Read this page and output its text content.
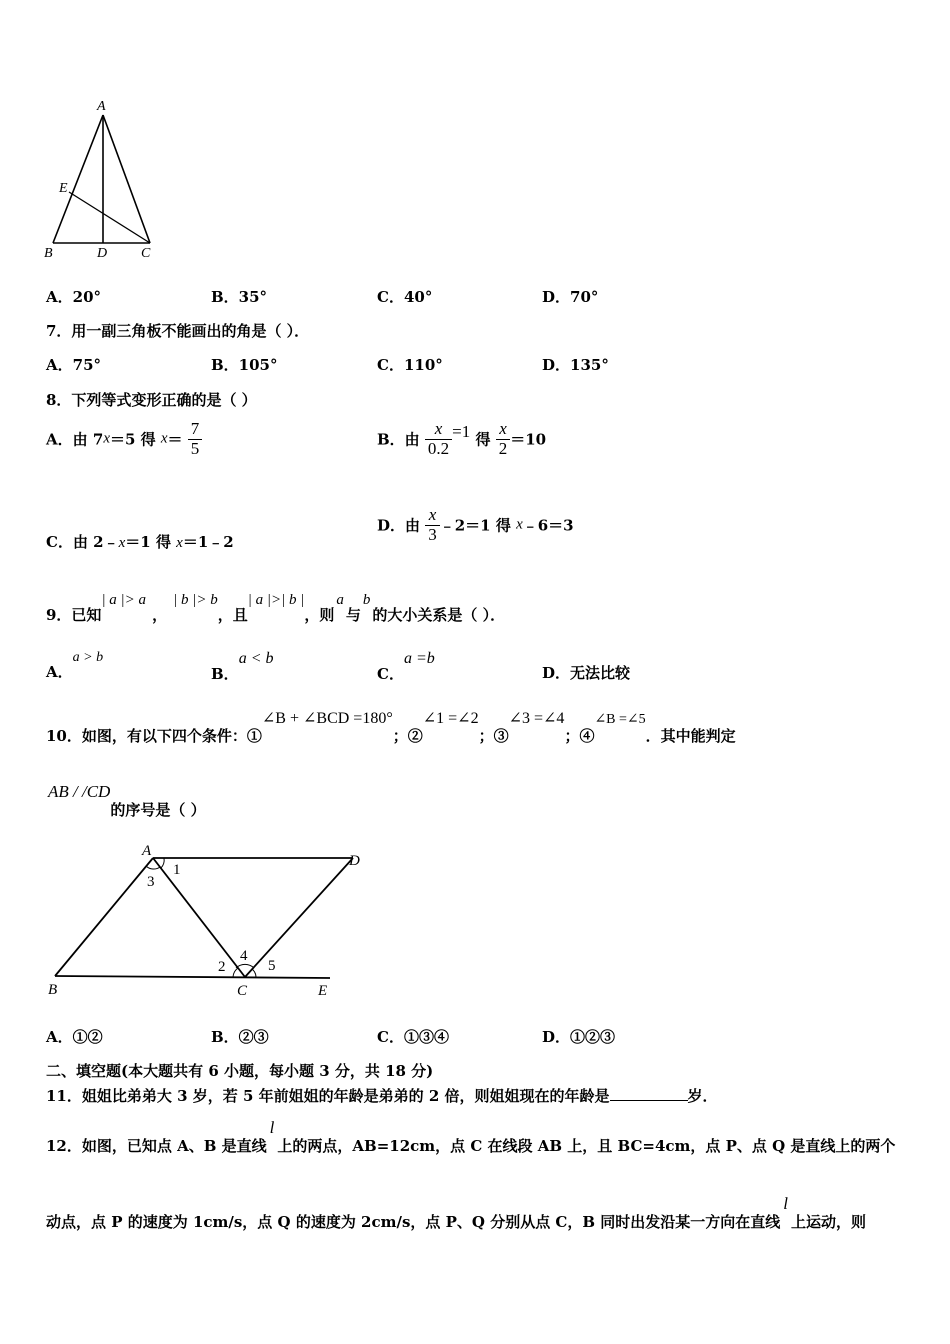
A
E
B	D C
A．20°	B．35°	C．40°	D．70°
7．用一副三角板不能画出的角是（ ）．
A．75°	B．105°	C．110°	D．135°
8．下列等式变形正确的是（ ）
A．由 7x＝5 得 $x= \frac{7}{5}$	B．由 $\frac{x}{0.2} =1$ 得 $\frac{x}{2} =10$
C．由 2﹣x＝1 得 x＝1﹣2
D．由 $\frac{x}{3}$ ﹣2＝1 得 x﹣6＝3
9．已知| a |> a，| b |> b，且| a |>| b |，则a与b的大小关系是（ ）．
A．a > b
B．a < b
C．a =b
D．无法比较
10．如图，有以下四个条件：①∠B + ∠BCD =180°；②∠1 =∠2；③∠3 =∠4；④∠B =∠5．其中能判定
AB / /CD的序号是（ ）
A
D
1
3
B	C	E
2
4
5
A．①②	B．②③	C．①③④	D．①②③
二、填空题(本大题共有 6 小题，每小题 3 分，共 18 分)
11．姐姐比弟弟大 3 岁，若 5 年前姐姐的年龄是弟弟的 2 倍，则姐姐现在的年龄是	岁．
12．如图，已知点 A、B 是直线l上的两点，AB=12cm，点 C 在线段 AB 上，且 BC=4cm，点 P、点 Q 是直线上的两个
动点，点 P 的速度为 1cm/s，点 Q 的速度为 2cm/s，点 P、Q 分别从点 C，B 同时出发沿某一方向在直线l上运动，则
